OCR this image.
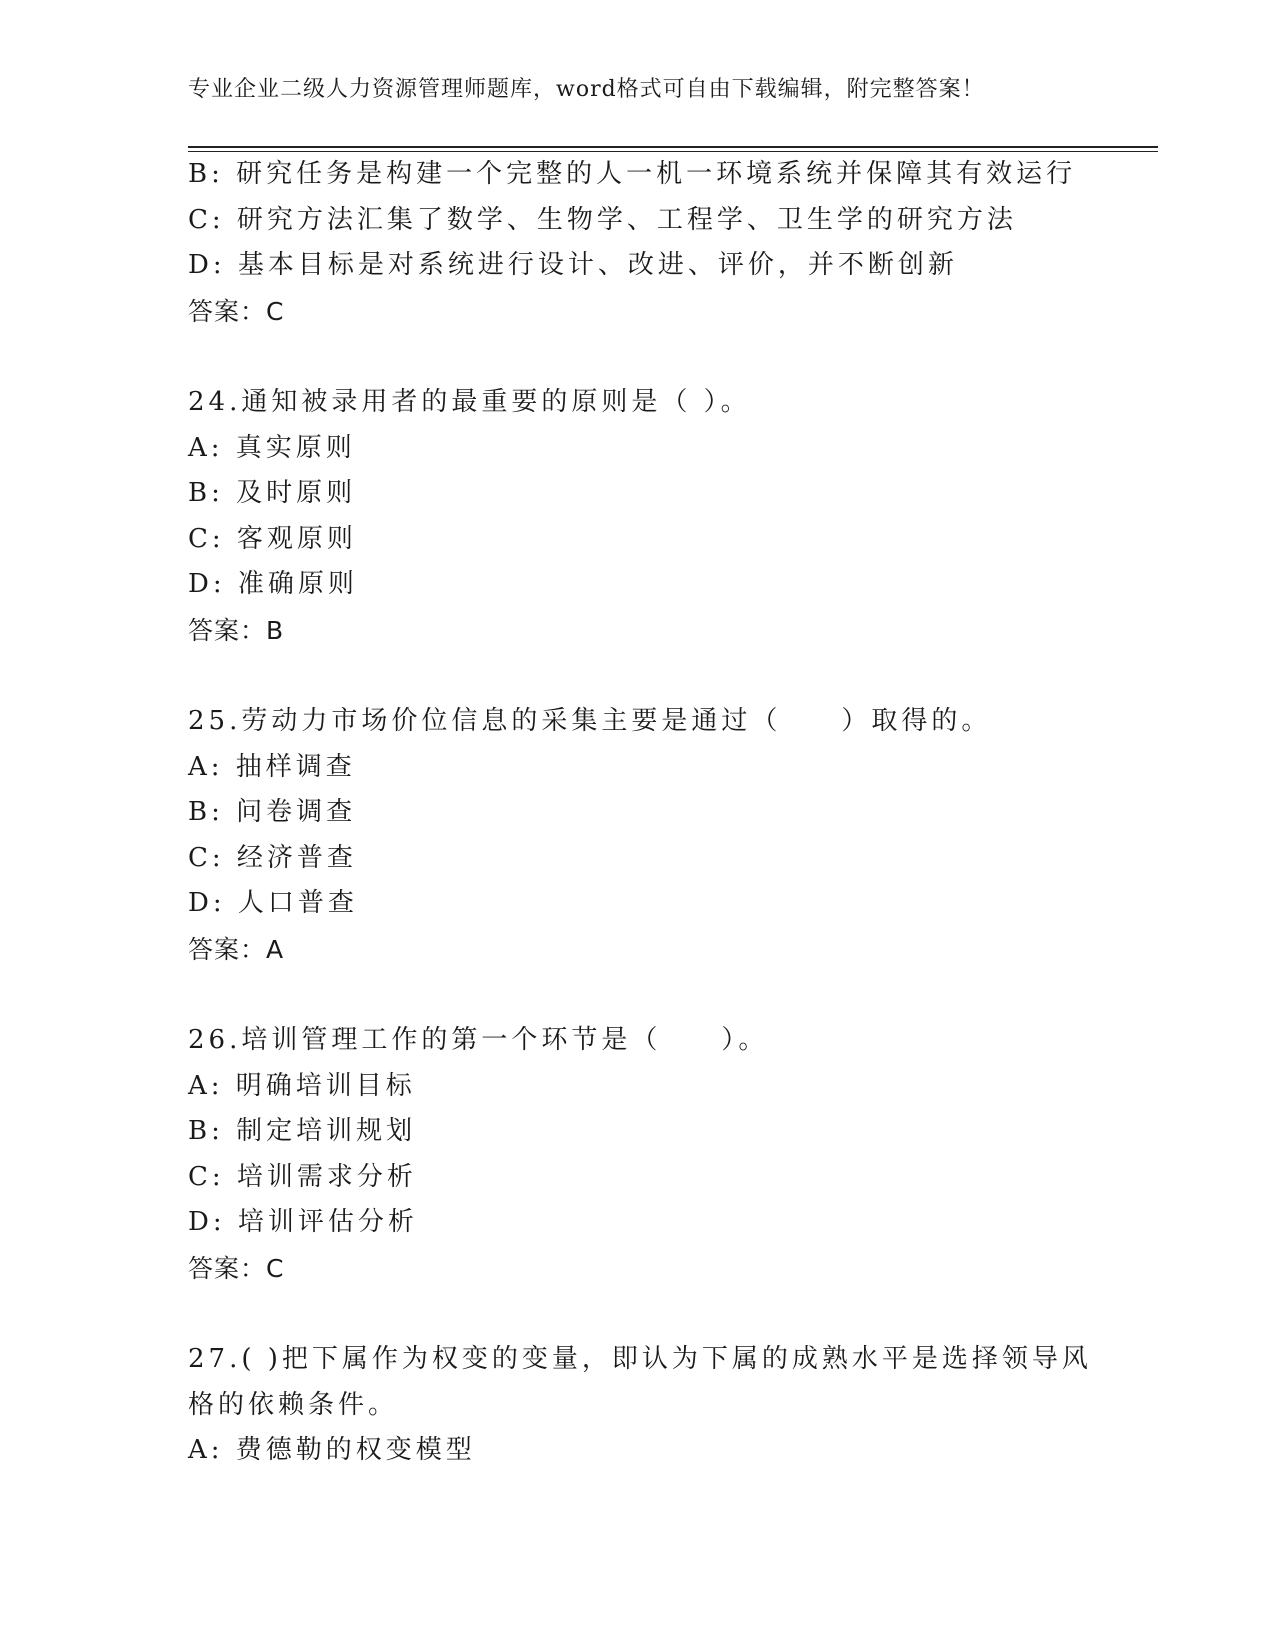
专业企业二级人力资源管理师题库，word格式可自由下载编辑，附完整答案！
B: 研究任务是构建一个完整的人一机一环境系统并保障其有效运行
C: 研究方法汇集了数学、生物学、工程学、卫生学的研究方法
D: 基本目标是对系统进行设计、改进、评价，并不断创新
答案：C
24.通知被录用者的最重要的原则是（ ）。
A: 真实原则
B: 及时原则
C: 客观原则
D: 准确原则
答案：B
25.劳动力市场价位信息的采集主要是通过（　　）取得的。
A: 抽样调查
B: 问卷调查
C: 经济普查
D: 人口普查
答案：A
26.培训管理工作的第一个环节是（　　）。
A: 明确培训目标
B: 制定培训规划
C: 培训需求分析
D: 培训评估分析
答案：C
27.( )把下属作为权变的变量，即认为下属的成熟水平是选择领导风
格的依赖条件。
A: 费德勒的权变模型
